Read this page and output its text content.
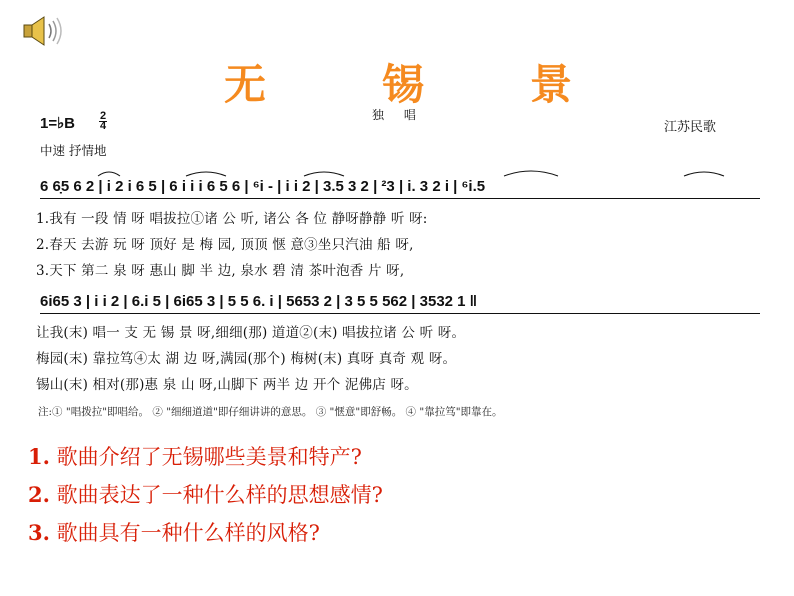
无	锡	景
独 唱
1=♭B 2
4	江苏民歌
中速 抒情地
6 6̣5 6 2 | i 2 i 6 5 | 6 i i i 6 5 6 | ⁶i - | i i 2 | 3.5 3 2 | ²3 | i. 3 2 i | ⁶i.5
1.我有 一段 情 呀 唱拔拉①诸 公 听, 诸公 各 位 静呀静静 听 呀:
2.春天 去游 玩 呀 顶好 是 梅 园, 顶顶 惬 意③坐只汽油 船 呀,
3.天下 第二 泉 呀 惠山 脚 半 边, 泉水 碧 清 茶叶泡香 片 呀,
6i65 3 | i i 2 | 6.i 5 | 6i65 3 | 5 5 6. i | 5653 2 | 3 5 5 562 | 3532 1 ‖
让我(末) 唱一 支 无 锡 景 呀,细细(那) 道道②(末) 唱拔拉诸 公 听 呀。
梅园(末) 靠拉笃④太 湖 边 呀,满园(那个) 梅树(末) 真呀 真奇 观 呀。
锡山(末) 相对(那)惠 泉 山 呀,山脚下 两半 边 开个 泥佛店 呀。
注:① "唱拨拉"即唱给。 ② "细细道道"即仔细讲讲的意思。 ③ "惬意"即舒畅。 ④ "靠拉笃"即靠在。
1. 歌曲介绍了无锡哪些美景和特产?
2. 歌曲表达了一种什么样的思想感情?
3. 歌曲具有一种什么样的风格?
